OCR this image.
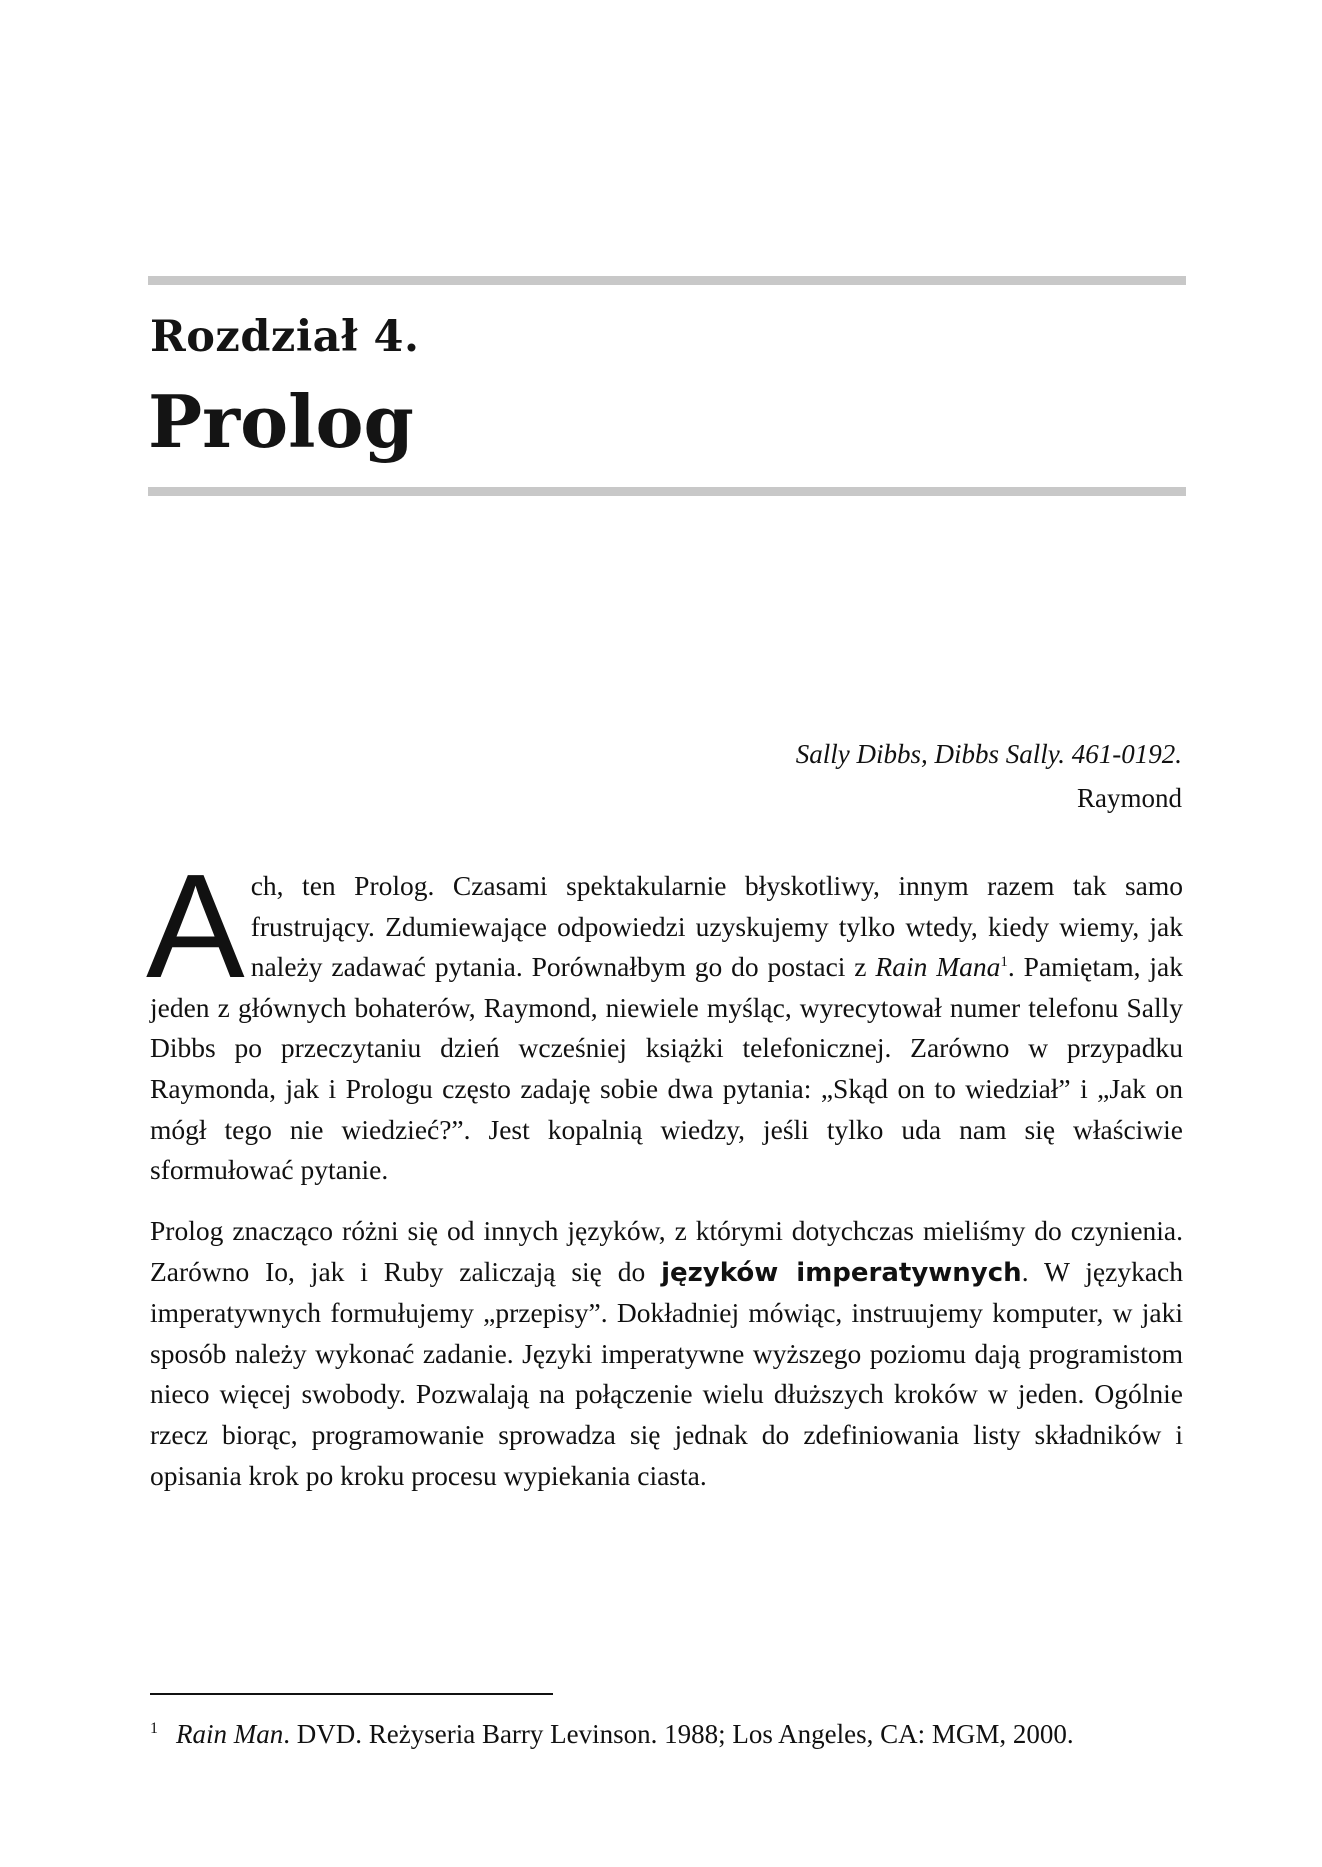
Rozdział 4.
Prolog
Sally Dibbs, Dibbs Sally. 461-0192.
Raymond
Ach, ten Prolog. Czasami spektakularnie błyskotliwy, innym razem tak samo frustrujący. Zdumiewające odpowiedzi uzyskujemy tylko wtedy, kiedy wiemy, jak należy zadawać pytania. Porównałbym go do postaci z Rain Mana$^1$. Pamiętam, jak jeden z głównych bohaterów, Raymond, niewiele myśląc, wyrecytował numer telefonu Sally Dibbs po przeczytaniu dzień wcześniej książki telefonicznej. Zarówno w przypadku Raymonda, jak i Prologu często zadaję sobie dwa pytania: „Skąd on to wiedział” i „Jak on mógł tego nie wiedzieć?”. Jest kopalnią wiedzy, jeśli tylko uda nam się właściwie sformułować pytanie.
Prolog znacząco różni się od innych języków, z którymi dotychczas mieliśmy do czynienia. Zarówno Io, jak i Ruby zaliczają się do języków imperatywnych. W językach imperatywnych formułujemy „przepisy”. Dokładniej mówiąc, instruujemy komputer, w jaki sposób należy wykonać zadanie. Języki imperatywne wyższego poziomu dają programistom nieco więcej swobody. Pozwalają na połączenie wielu dłuższych kroków w jeden. Ogólnie rzecz biorąc, programowanie sprowadza się jednak do zdefiniowania listy składników i opisania krok po kroku procesu wypiekania ciasta.
$^1$ Rain Man. DVD. Reżyseria Barry Levinson. 1988; Los Angeles, CA: MGM, 2000.
